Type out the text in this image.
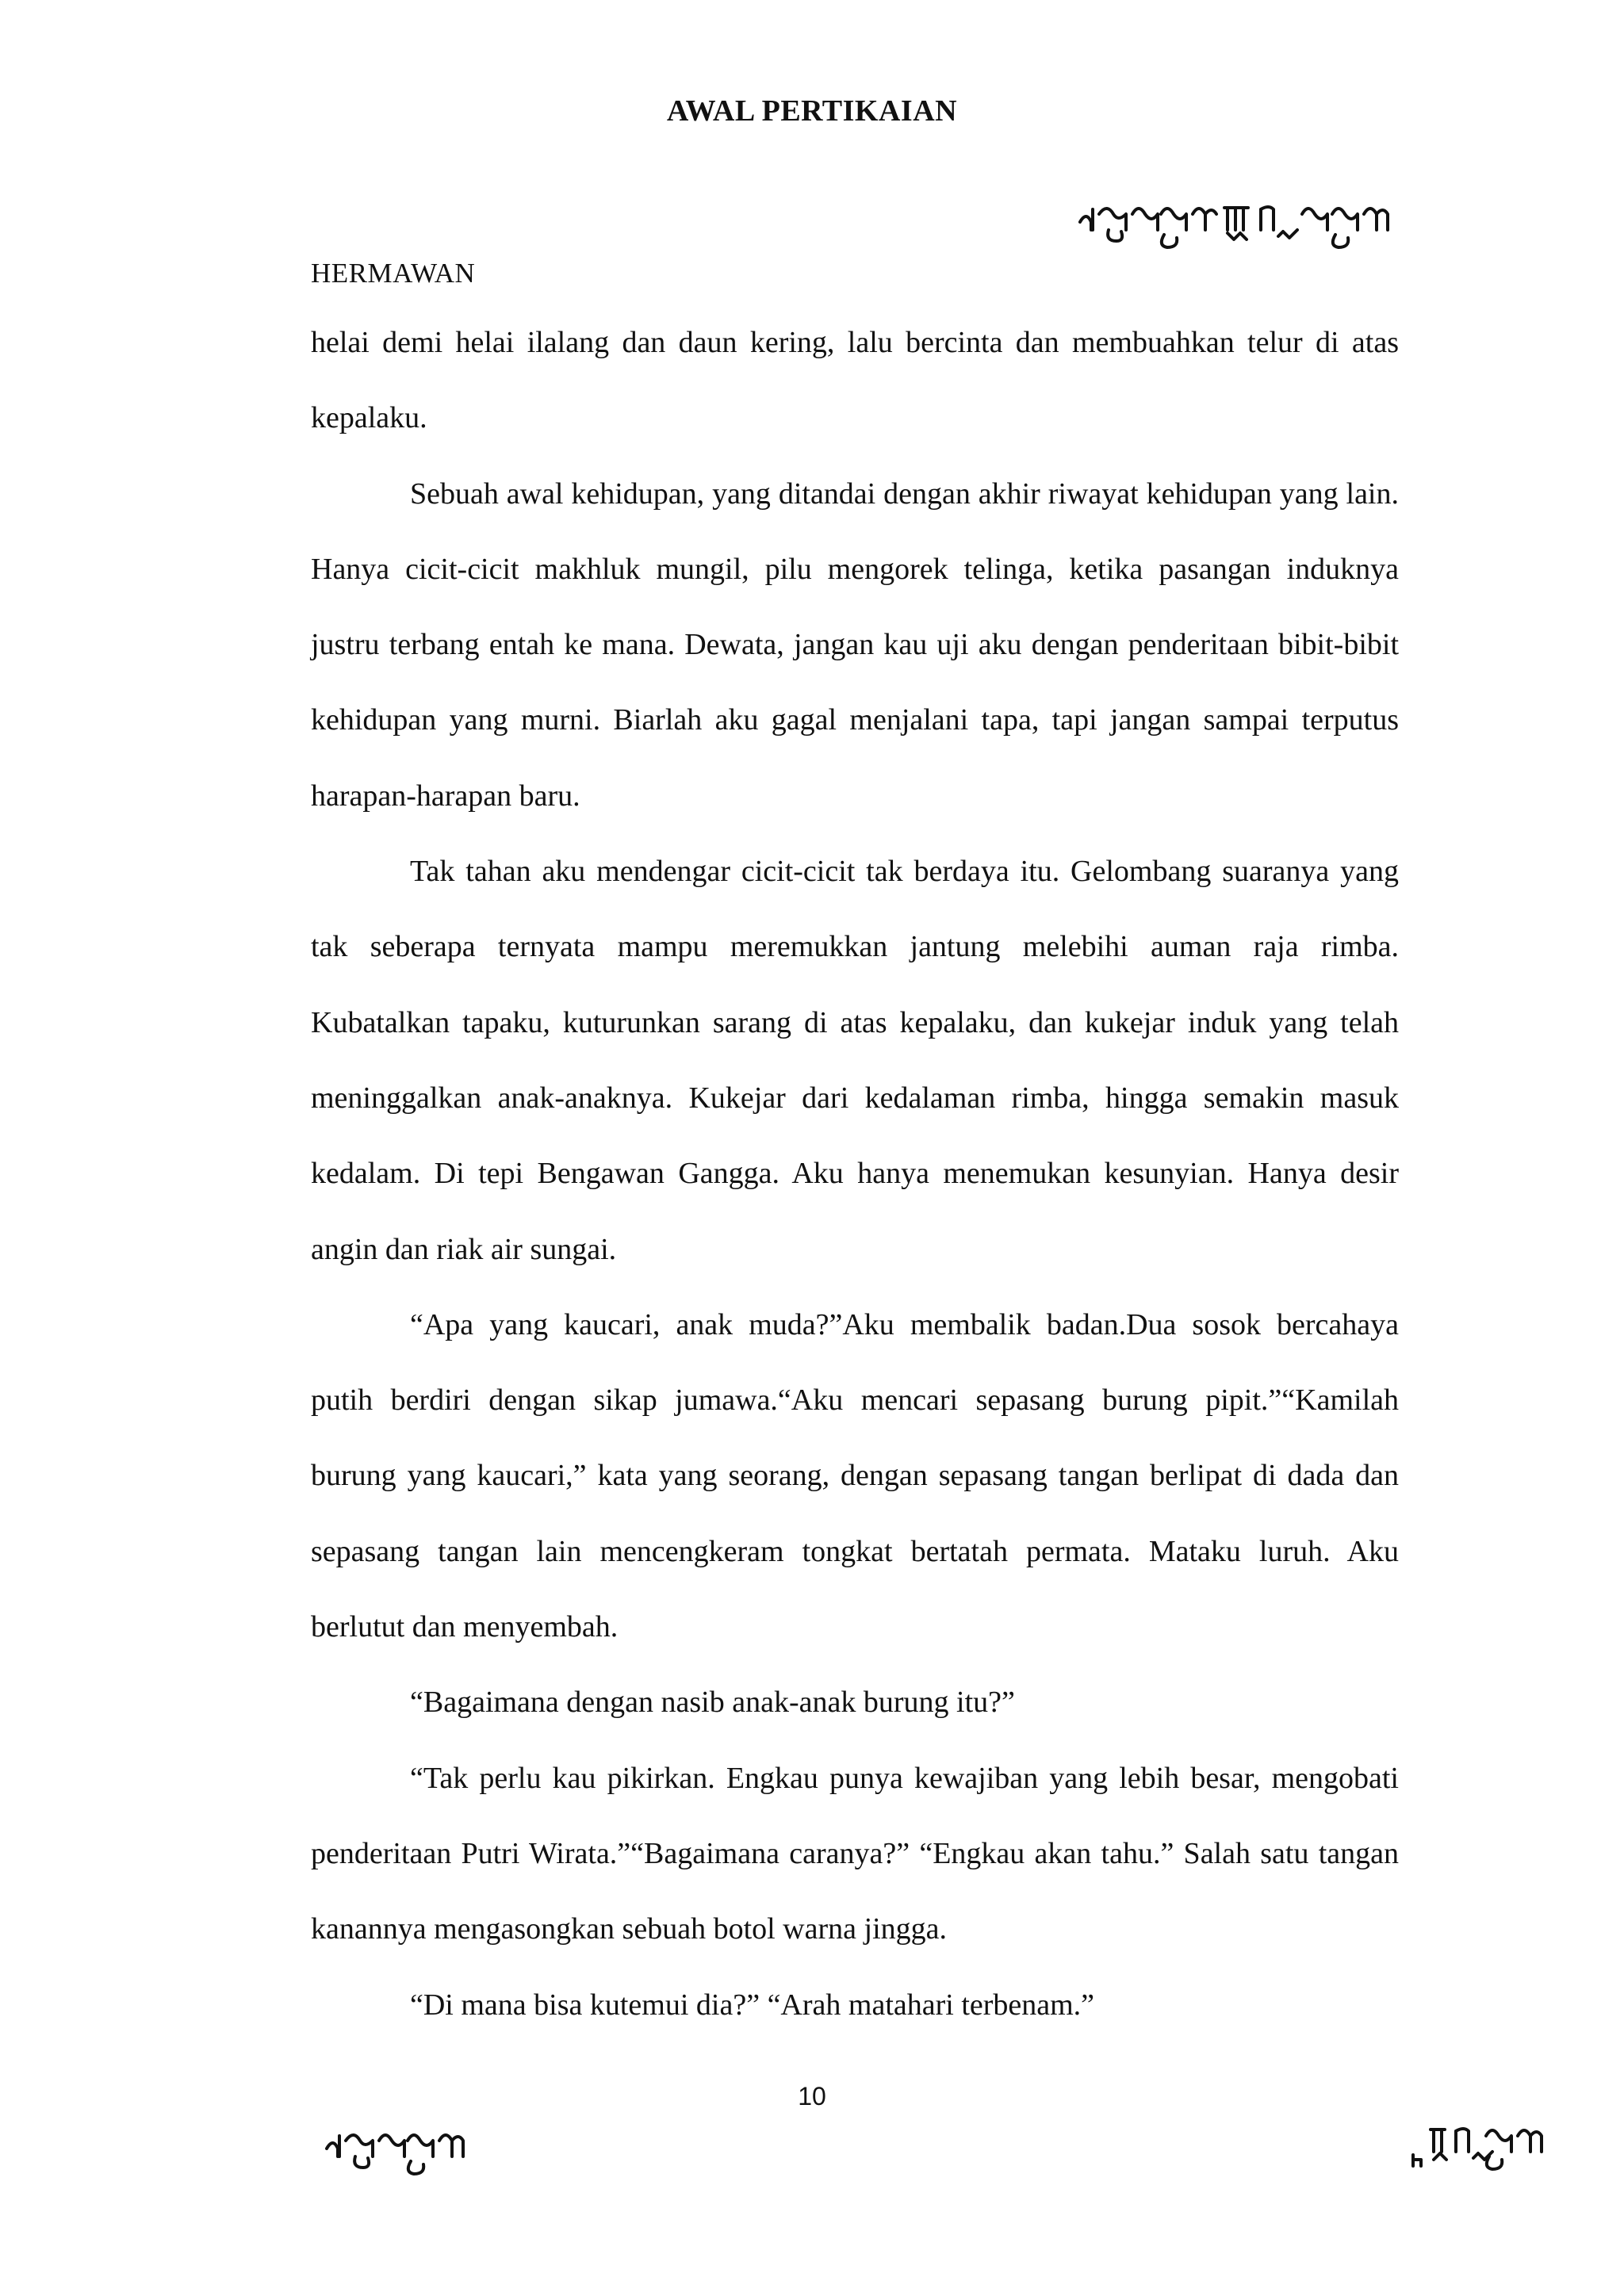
AWAL PERTIKAIAN
HERMAWAN

helai demi helai ilalang dan daun kering, lalu bercinta dan membuahkan telur di atas kepalaku.

Sebuah awal kehidupan, yang ditandai dengan akhir riwayat kehidupan yang lain. Hanya cicit-cicit makhluk mungil, pilu mengorek telinga, ketika pasangan induknya justru terbang entah ke mana. Dewata, jangan kau uji aku dengan penderitaan bibit-bibit kehidupan yang murni. Biarlah aku gagal menjalani tapa, tapi jangan sampai terputus harapan-harapan baru.

Tak tahan aku mendengar cicit-cicit tak berdaya itu. Gelombang suaranya yang tak seberapa ternyata mampu meremukkan jantung melebihi auman raja rimba. Kubatalkan tapaku, kuturunkan sarang di atas kepalaku, dan kukejar induk yang telah meninggalkan anak-anaknya. Kukejar dari kedalaman rimba, hingga semakin masuk kedalam. Di tepi Bengawan Gangga. Aku hanya menemukan kesunyian. Hanya desir angin dan riak air sungai.

“Apa yang kaucari, anak muda?”Aku membalik badan.Dua sosok bercahaya putih berdiri dengan sikap jumawa.“Aku mencari sepasang burung pipit.”“Kamilah burung yang kaucari,” kata yang seorang, dengan sepasang tangan berlipat di dada dan sepasang tangan lain mencengkeram tongkat bertatah permata. Mataku luruh. Aku berlutut dan menyembah.

“Bagaimana dengan nasib anak-anak burung itu?”

“Tak perlu kau pikirkan. Engkau punya kewajiban yang lebih besar, mengobati penderitaan Putri Wirata.”“Bagaimana caranya?” “Engkau akan tahu.” Salah satu tangan kanannya mengasongkan sebuah botol warna jingga.

“Di mana bisa kutemui dia?” “Arah matahari terbenam.”

10
